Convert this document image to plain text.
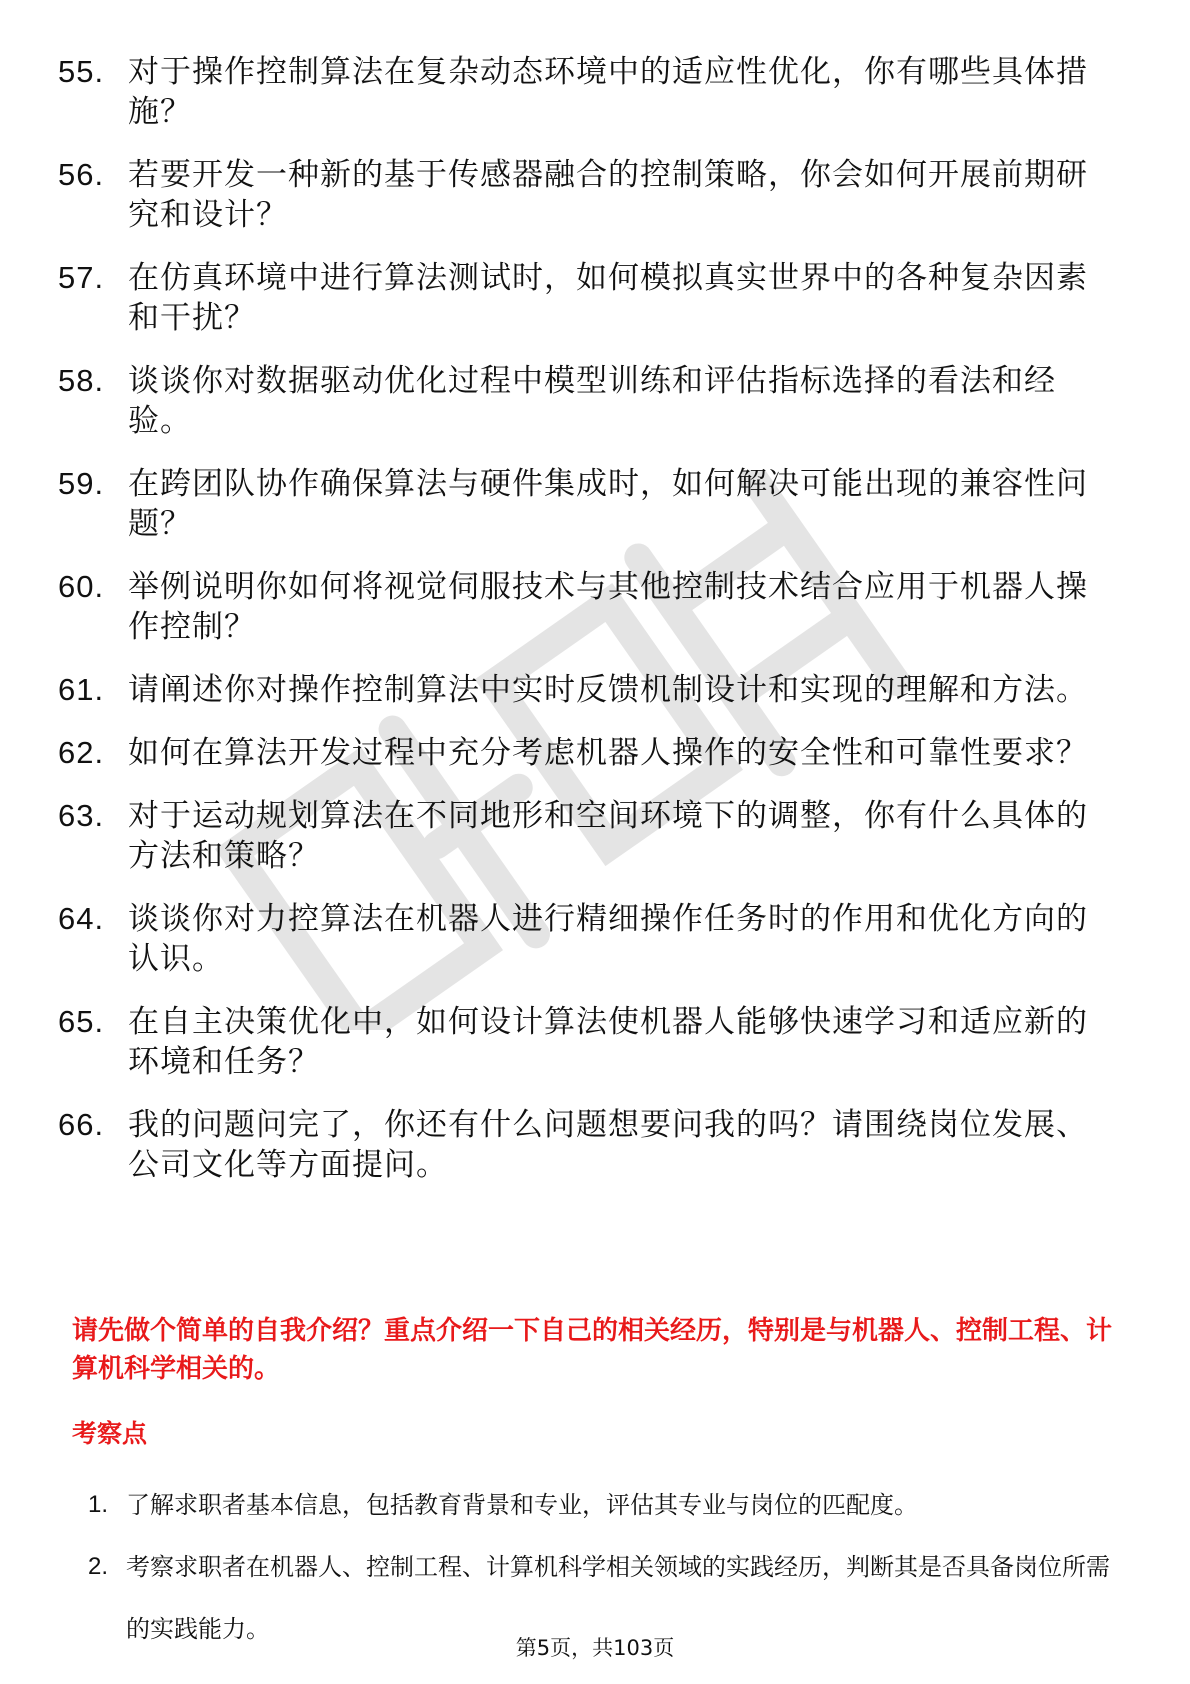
55. 对于操作控制算法在复杂动态环境中的适应性优化，你有哪些具体措施？
56. 若要开发一种新的基于传感器融合的控制策略，你会如何开展前期研究和设计？
57. 在仿真环境中进行算法测试时，如何模拟真实世界中的各种复杂因素和干扰？
58. 谈谈你对数据驱动优化过程中模型训练和评估指标选择的看法和经验。
59. 在跨团队协作确保算法与硬件集成时，如何解决可能出现的兼容性问题？
60. 举例说明你如何将视觉伺服技术与其他控制技术结合应用于机器人操作控制？
61. 请阐述你对操作控制算法中实时反馈机制设计和实现的理解和方法。
62. 如何在算法开发过程中充分考虑机器人操作的安全性和可靠性要求？
63. 对于运动规划算法在不同地形和空间环境下的调整，你有什么具体的方法和策略？
64. 谈谈你对力控算法在机器人进行精细操作任务时的作用和优化方向的认识。
65. 在自主决策优化中，如何设计算法使机器人能够快速学习和适应新的环境和任务？
66. 我的问题问完了，你还有什么问题想要问我的吗？请围绕岗位发展、公司文化等方面提问。
请先做个简单的自我介绍？重点介绍一下自己的相关经历，特别是与机器人、控制工程、计算机科学相关的。
考察点
1. 了解求职者基本信息，包括教育背景和专业，评估其专业与岗位的匹配度。
2. 考察求职者在机器人、控制工程、计算机科学相关领域的实践经历，判断其是否具备岗位所需的实践能力。
第5页，共103页
